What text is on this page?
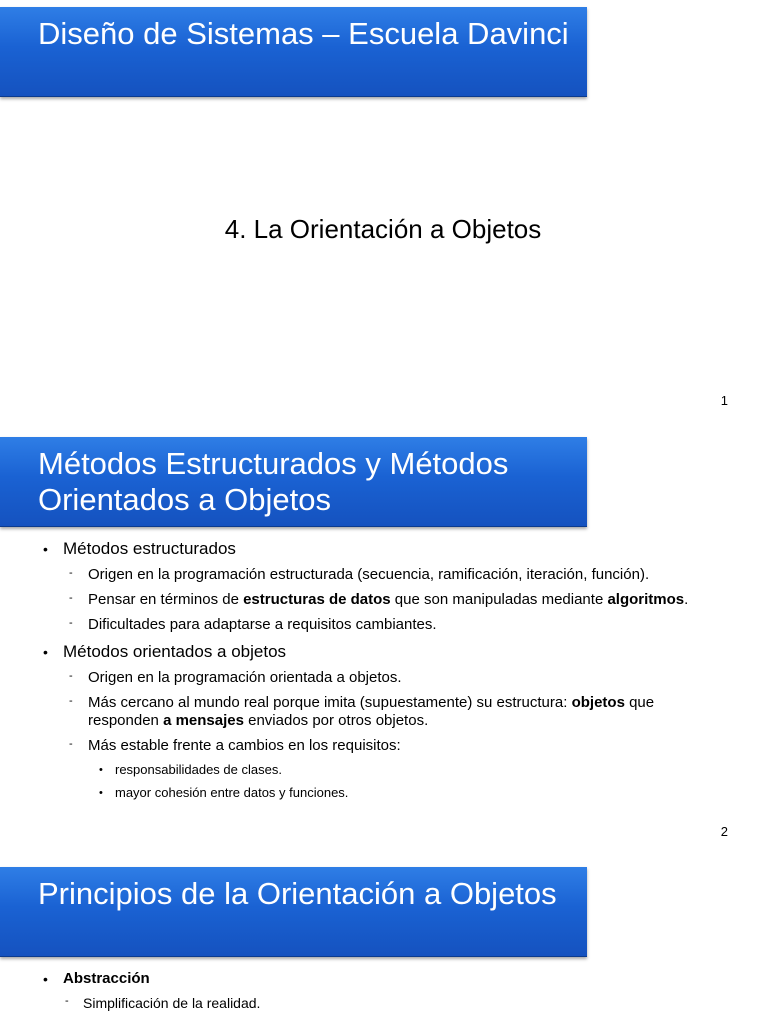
Diseño de Sistemas – Escuela Davinci
4. La Orientación a Objetos
1
Métodos Estructurados y Métodos Orientados a Objetos
• Métodos estructurados
- Origen en la programación estructurada (secuencia, ramificación, iteración, función).
- Pensar en términos de estructuras de datos que son manipuladas mediante algoritmos.
- Dificultades para adaptarse a requisitos cambiantes.
• Métodos orientados a objetos
- Origen en la programación orientada a objetos.
- Más cercano al mundo real porque imita (supuestamente) su estructura: objetos que responden a mensajes enviados por otros objetos.
- Más estable frente a cambios en los requisitos:
• responsabilidades de clases.
• mayor cohesión entre datos y funciones.
2
Principios de la Orientación a Objetos
• Abstracción
- Simplificación de la realidad.
